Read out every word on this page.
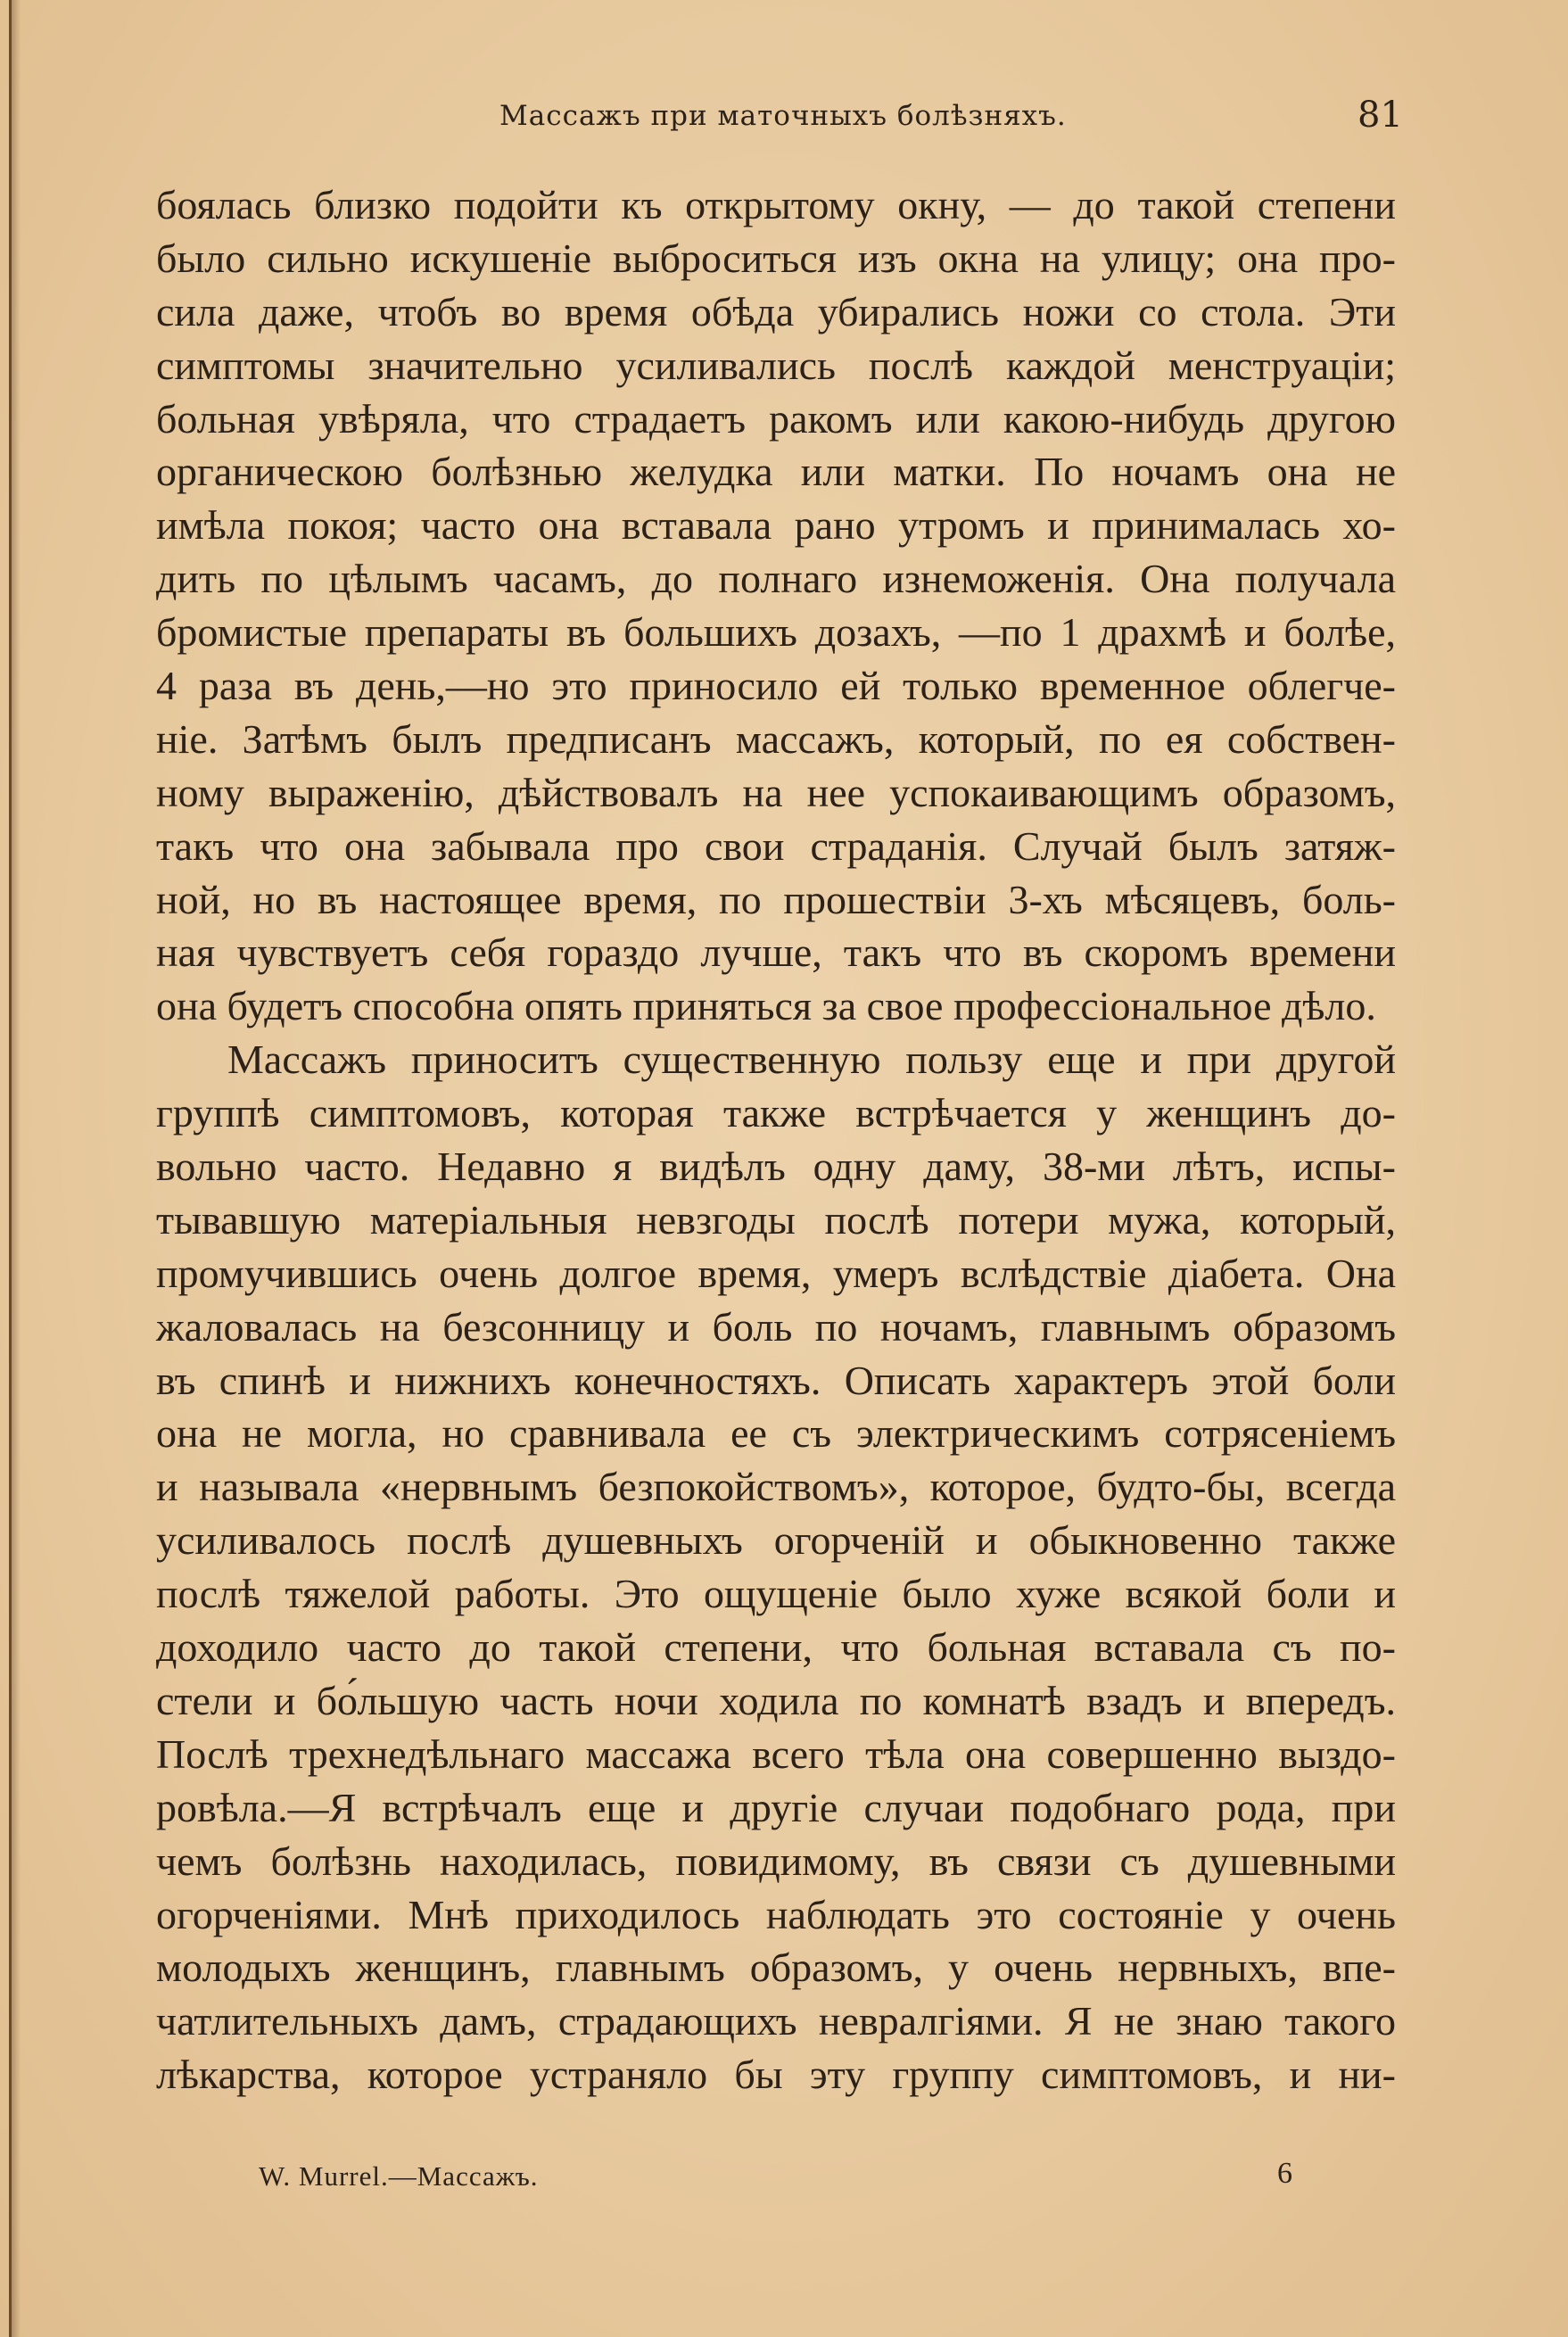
Массажъ при маточныхъ болѣзняхъ.	81
боялась близко подойти къ открытому окну, — до такой степени
было сильно искушеніе выброситься изъ окна на улицу; она про-
сила даже, чтобъ во время обѣда убирались ножи со стола. Эти
симптомы значительно усиливались послѣ каждой менструаціи;
больная увѣряла, что страдаетъ ракомъ или какою-нибудь другою
органическою болѣзнью желудка или матки. По ночамъ она не
имѣла покоя; часто она вставала рано утромъ и принималась хо-
дить по цѣлымъ часамъ, до полнаго изнеможенія. Она получала
бромистые препараты въ большихъ дозахъ, —по 1 драхмѣ и болѣе,
4 раза въ день,—но это приносило ей только временное облегче-
ніе. Затѣмъ былъ предписанъ массажъ, который, по ея собствен-
ному выраженію, дѣйствовалъ на нее успокаивающимъ образомъ,
такъ что она забывала про свои страданія. Случай былъ затяж-
ной, но въ настоящее время, по прошествіи 3-хъ мѣсяцевъ, боль-
ная чувствуетъ себя гораздо лучше, такъ что въ скоромъ времени
она будетъ способна опять приняться за свое профессіональное дѣло.
Массажъ приноситъ существенную пользу еще и при другой
группѣ симптомовъ, которая также встрѣчается у женщинъ до-
вольно часто. Недавно я видѣлъ одну даму, 38-ми лѣтъ, испы-
тывавшую матеріальныя невзгоды послѣ потери мужа, который,
промучившись очень долгое время, умеръ вслѣдствіе діабета. Она
жаловалась на безсонницу и боль по ночамъ, главнымъ образомъ
въ спинѣ и нижнихъ конечностяхъ. Описать характеръ этой боли
она не могла, но сравнивала ее съ электрическимъ сотрясеніемъ
и называла «нервнымъ безпокойствомъ», которое, будто-бы, всегда
усиливалось послѣ душевныхъ огорченій и обыкновенно также
послѣ тяжелой работы. Это ощущеніе было хуже всякой боли и
доходило часто до такой степени, что больная вставала съ по-
стели и бо́льшую часть ночи ходила по комнатѣ взадъ и впередъ.
Послѣ трехнедѣльнаго массажа всего тѣла она совершенно выздо-
ровѣла.—Я встрѣчалъ еще и другіе случаи подобнаго рода, при
чемъ болѣзнь находилась, повидимому, въ связи съ душевными
огорченіями. Мнѣ приходилось наблюдать это состояніе у очень
молодыхъ женщинъ, главнымъ образомъ, у очень нервныхъ, впе-
чатлительныхъ дамъ, страдающихъ невралгіями. Я не знаю такого
лѣкарства, которое устраняло бы эту группу симптомовъ, и ни-
W. Murrel.—Массажъ.	6
